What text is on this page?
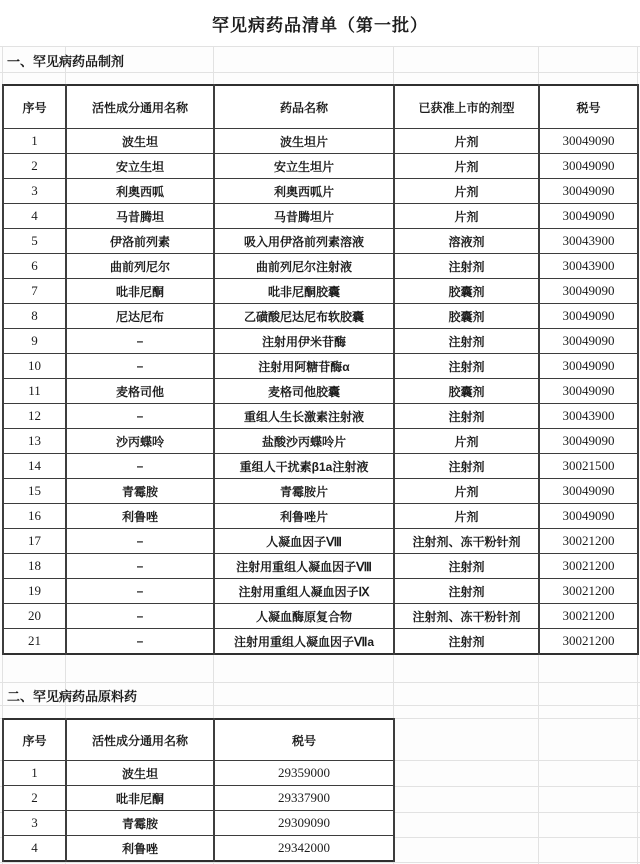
罕见病药品清单（第一批）
一、罕见病药品制剂
序号	活性成分通用名称	药品名称	已获准上市的剂型	税号
1	波生坦	波生坦片	片剂	30049090
2	安立生坦	安立生坦片	片剂	30049090
3	利奥西呱	利奥西呱片	片剂	30049090
4	马昔腾坦	马昔腾坦片	片剂	30049090
5	伊洛前列素	吸入用伊洛前列素溶液	溶液剂	30043900
6	曲前列尼尔	曲前列尼尔注射液	注射剂	30043900
7	吡非尼酮	吡非尼酮胶囊	胶囊剂	30049090
8	尼达尼布	乙磺酸尼达尼布软胶囊	胶囊剂	30049090
9	–	注射用伊米苷酶	注射剂	30049090
10	–	注射用阿糖苷酶α	注射剂	30049090
11	麦格司他	麦格司他胶囊	胶囊剂	30049090
12	–	重组人生长激素注射液	注射剂	30043900
13	沙丙蝶呤	盐酸沙丙蝶呤片	片剂	30049090
14	–	重组人干扰素β1a注射液	注射剂	30021500
15	青霉胺	青霉胺片	片剂	30049090
16	利鲁唑	利鲁唑片	片剂	30049090
17	–	人凝血因子Ⅷ	注射剂、冻干粉针剂	30021200
18	–	注射用重组人凝血因子Ⅷ	注射剂	30021200
19	–	注射用重组人凝血因子Ⅸ	注射剂	30021200
20	–	人凝血酶原复合物	注射剂、冻干粉针剂	30021200
21	–	注射用重组人凝血因子Ⅶa	注射剂	30021200
二、罕见病药品原料药
序号	活性成分通用名称	税号
1	波生坦	29359000
2	吡非尼酮	29337900
3	青霉胺	29309090
4	利鲁唑	29342000
